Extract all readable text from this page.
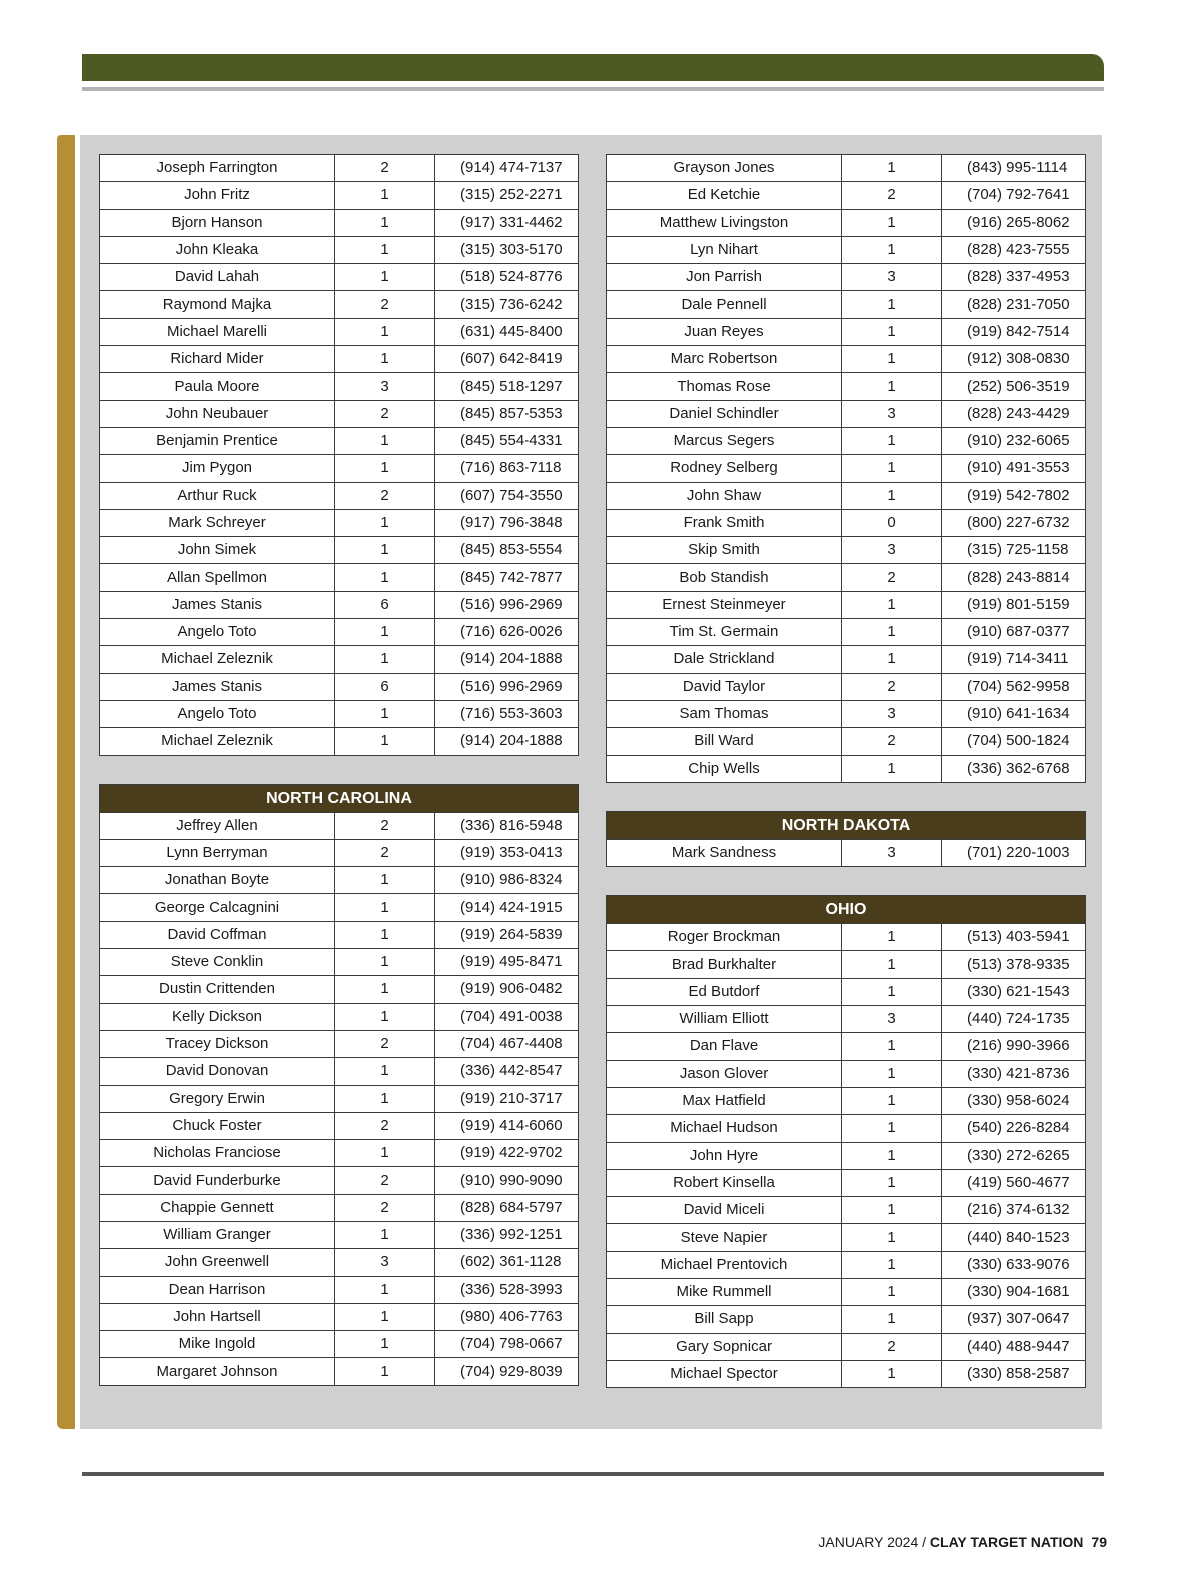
Joseph Farrington	2	(914) 474-7137
John Fritz	1	(315) 252-2271
Bjorn Hanson	1	(917) 331-4462
John Kleaka	1	(315) 303-5170
David Lahah	1	(518) 524-8776
Raymond Majka	2	(315) 736-6242
Michael Marelli	1	(631) 445-8400
Richard Mider	1	(607) 642-8419
Paula Moore	3	(845) 518-1297
John Neubauer	2	(845) 857-5353
Benjamin Prentice	1	(845) 554-4331
Jim Pygon	1	(716) 863-7118
Arthur Ruck	2	(607) 754-3550
Mark Schreyer	1	(917) 796-3848
John Simek	1	(845) 853-5554
Allan Spellmon	1	(845) 742-7877
James Stanis	6	(516) 996-2969
Angelo Toto	1	(716) 626-0026
Michael Zeleznik	1	(914) 204-1888
James Stanis	6	(516) 996-2969
Angelo Toto	1	(716) 553-3603
Michael Zeleznik	1	(914) 204-1888
NORTH CAROLINA
Jeffrey Allen	2	(336) 816-5948
Lynn Berryman	2	(919) 353-0413
Jonathan Boyte	1	(910) 986-8324
George Calcagnini	1	(914) 424-1915
David Coffman	1	(919) 264-5839
Steve Conklin	1	(919) 495-8471
Dustin Crittenden	1	(919) 906-0482
Kelly Dickson	1	(704) 491-0038
Tracey Dickson	2	(704) 467-4408
David Donovan	1	(336) 442-8547
Gregory Erwin	1	(919) 210-3717
Chuck Foster	2	(919) 414-6060
Nicholas Franciose	1	(919) 422-9702
David Funderburke	2	(910) 990-9090
Chappie Gennett	2	(828) 684-5797
William Granger	1	(336) 992-1251
John Greenwell	3	(602) 361-1128
Dean Harrison	1	(336) 528-3993
John Hartsell	1	(980) 406-7763
Mike Ingold	1	(704) 798-0667
Margaret Johnson	1	(704) 929-8039
Grayson Jones	1	(843) 995-1114
Ed Ketchie	2	(704) 792-7641
Matthew Livingston	1	(916) 265-8062
Lyn Nihart	1	(828) 423-7555
Jon Parrish	3	(828) 337-4953
Dale Pennell	1	(828) 231-7050
Juan Reyes	1	(919) 842-7514
Marc Robertson	1	(912) 308-0830
Thomas Rose	1	(252) 506-3519
Daniel Schindler	3	(828) 243-4429
Marcus Segers	1	(910) 232-6065
Rodney Selberg	1	(910) 491-3553
John Shaw	1	(919) 542-7802
Frank Smith	0	(800) 227-6732
Skip Smith	3	(315) 725-1158
Bob Standish	2	(828) 243-8814
Ernest Steinmeyer	1	(919) 801-5159
Tim St. Germain	1	(910) 687-0377
Dale Strickland	1	(919) 714-3411
David Taylor	2	(704) 562-9958
Sam Thomas	3	(910) 641-1634
Bill Ward	2	(704) 500-1824
Chip Wells	1	(336) 362-6768
NORTH DAKOTA
Mark Sandness	3	(701) 220-1003
OHIO
Roger Brockman	1	(513) 403-5941
Brad Burkhalter	1	(513) 378-9335
Ed Butdorf	1	(330) 621-1543
William Elliott	3	(440) 724-1735
Dan Flave	1	(216) 990-3966
Jason Glover	1	(330) 421-8736
Max Hatfield	1	(330) 958-6024
Michael Hudson	1	(540) 226-8284
John Hyre	1	(330) 272-6265
Robert Kinsella	1	(419) 560-4677
David Miceli	1	(216) 374-6132
Steve Napier	1	(440) 840-1523
Michael Prentovich	1	(330) 633-9076
Mike Rummell	1	(330) 904-1681
Bill Sapp	1	(937) 307-0647
Gary Sopnicar	2	(440) 488-9447
Michael Spector	1	(330) 858-2587
JANUARY 2024 / CLAY TARGET NATION 79
